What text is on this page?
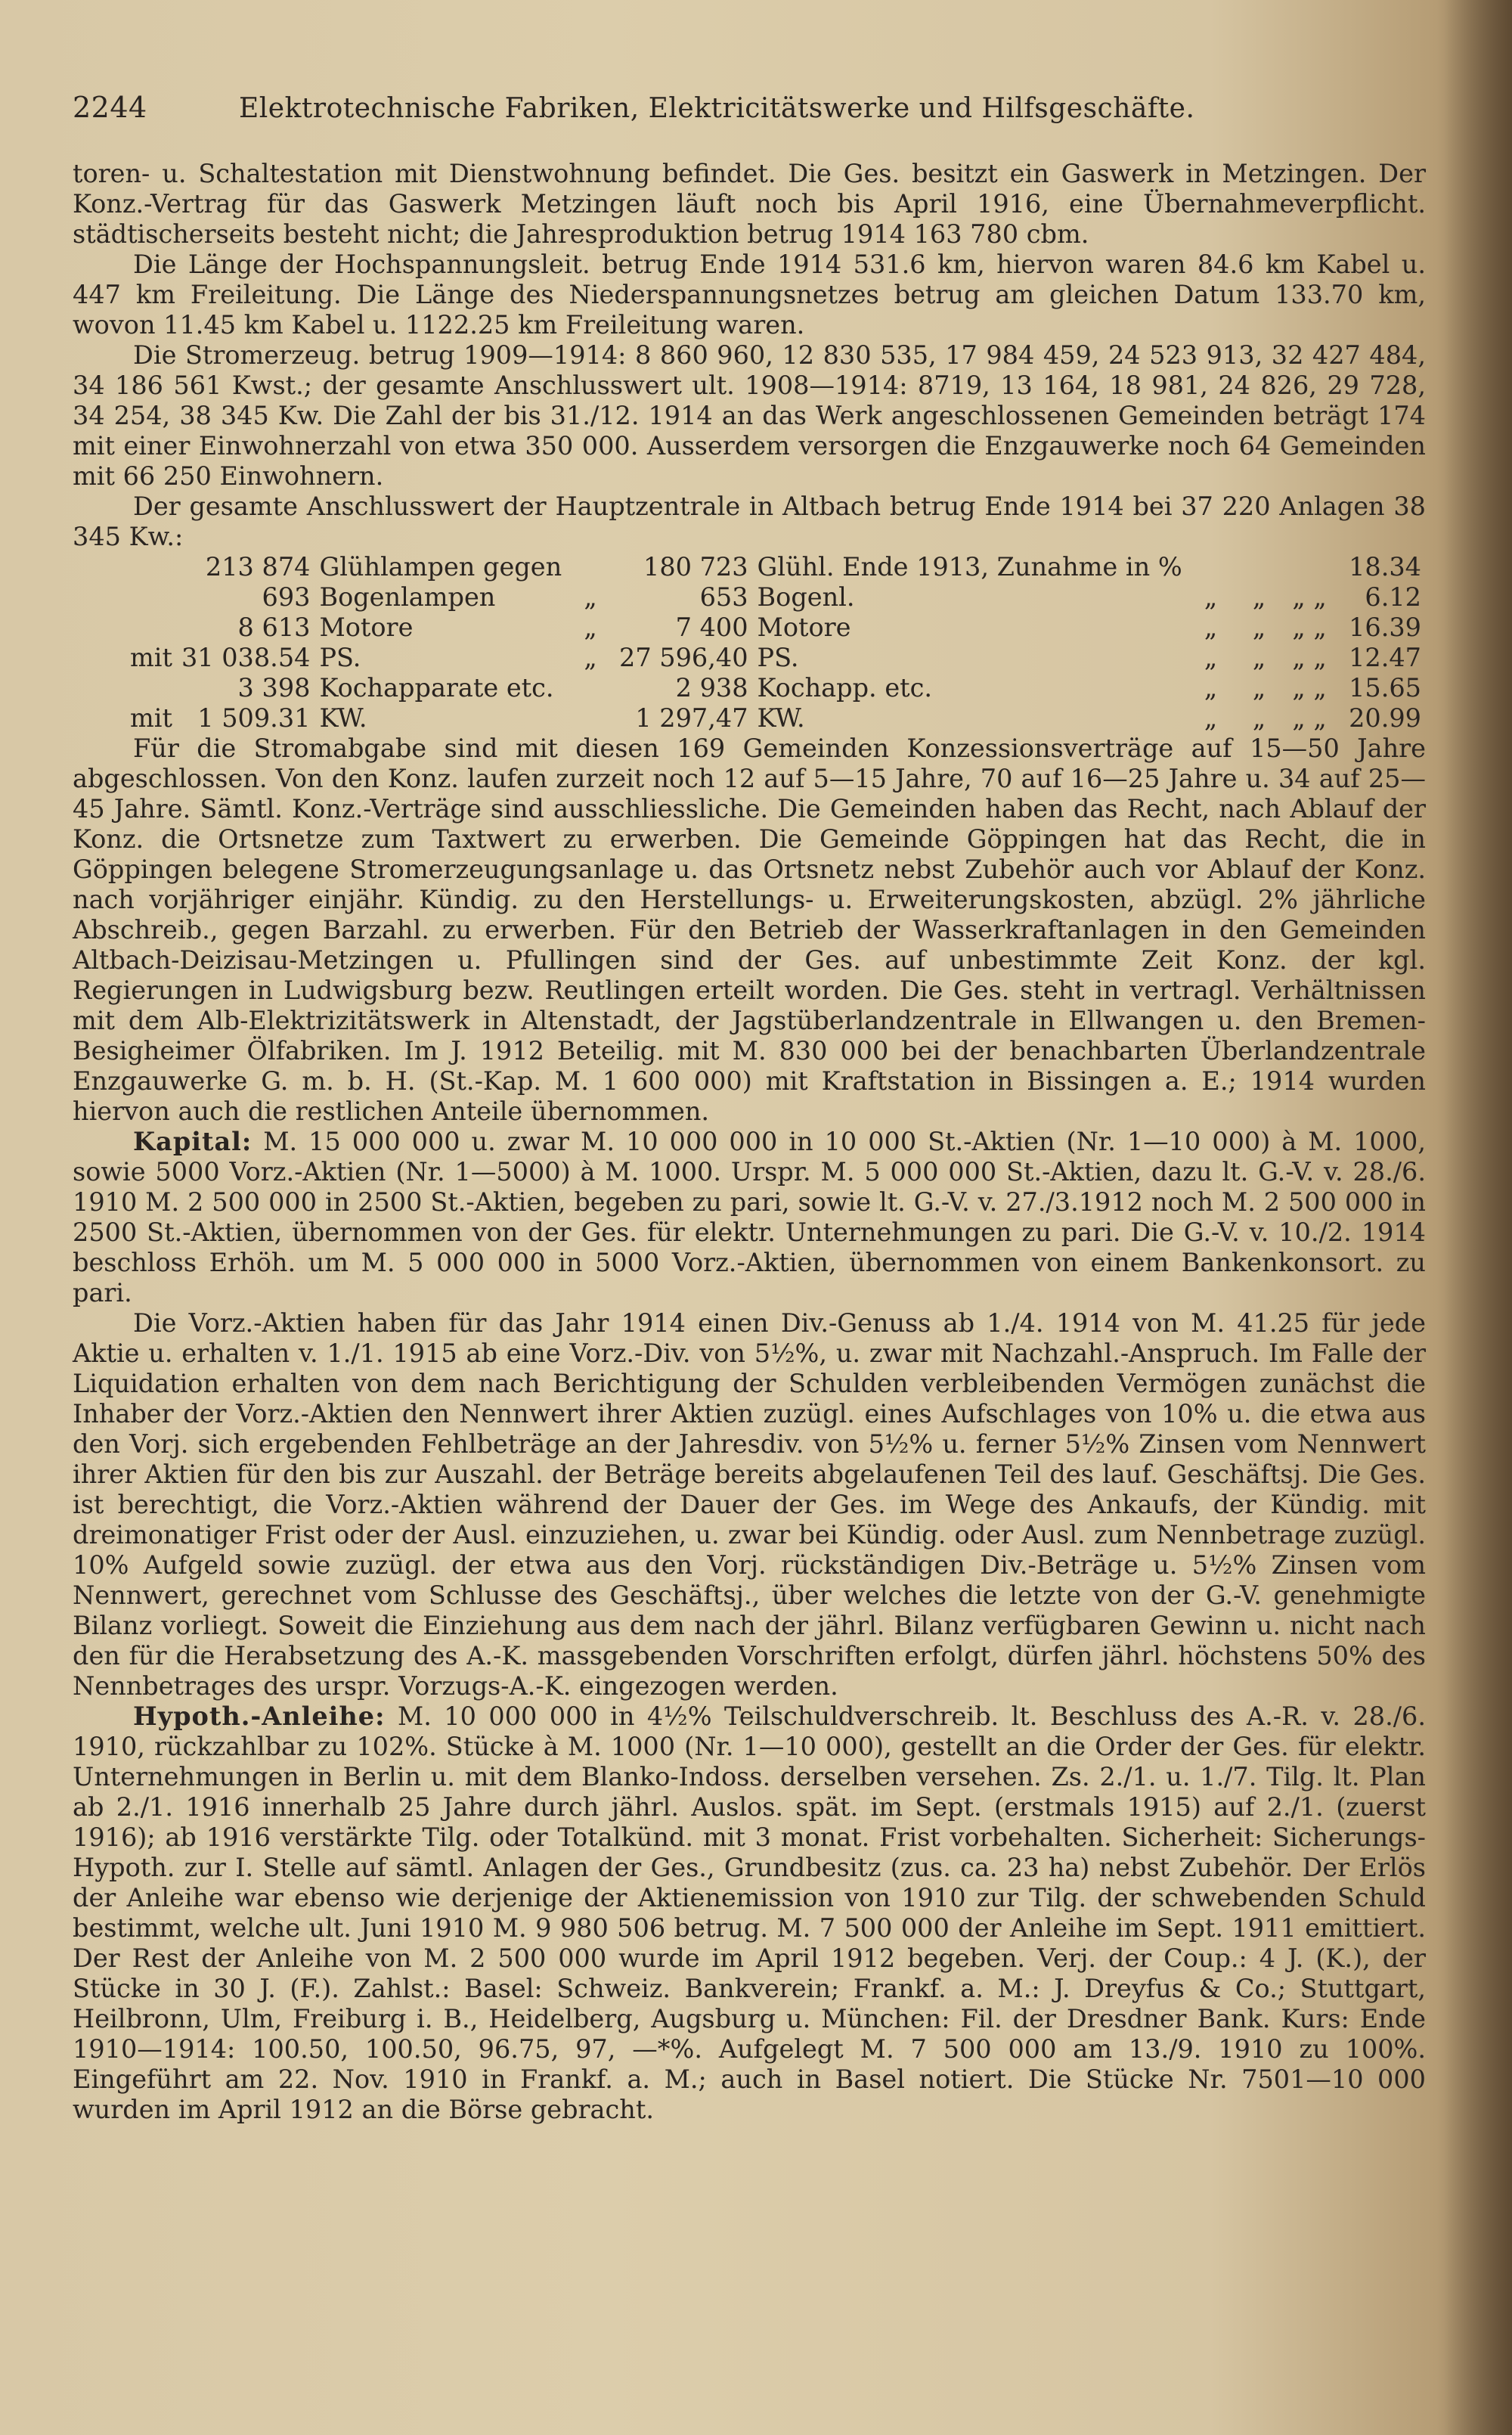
2244	Elektrotechnische Fabriken, Elektricitätswerke und Hilfsgeschäfte.

toren- u. Schaltestation mit Dienstwohnung befindet. Die Ges. besitzt ein Gaswerk in Metzingen. Der Konz.-Vertrag für das Gaswerk Metzingen läuft noch bis April 1916, eine Übernahmeverpflicht. städtischerseits besteht nicht; die Jahresproduktion betrug 1914 163 780 cbm.

Die Länge der Hochspannungsleit. betrug Ende 1914 531.6 km, hiervon waren 84.6 km Kabel u. 447 km Freileitung. Die Länge des Niederspannungsnetzes betrug am gleichen Datum 133.70 km, wovon 11.45 km Kabel u. 1122.25 km Freileitung waren.

Die Stromerzeug. betrug 1909—1914: 8 860 960, 12 830 535, 17 984 459, 24 523 913, 32 427 484, 34 186 561 Kwst.; der gesamte Anschlusswert ult. 1908—1914: 8719, 13 164, 18 981, 24 826, 29 728, 34 254, 38 345 Kw. Die Zahl der bis 31./12. 1914 an das Werk angeschlossenen Gemeinden beträgt 174 mit einer Einwohnerzahl von etwa 350 000. Ausserdem versorgen die Enzgauwerke noch 64 Gemeinden mit 66 250 Einwohnern.

Der gesamte Anschlusswert der Hauptzentrale in Altbach betrug Ende 1914 bei 37 220 Anlagen 38 345 Kw.:

	213 874	Glühlampen gegen		180 723	Glühl. Ende 1913, Zunahme in %				18.34
	693	Bogenlampen	„	653	Bogenl.	„	„	„ „	6.12
	8 613	Motore	„	7 400	Motore	„	„	„ „	16.39
mit	31 038.54	PS.	„	27 596,40	PS.	„	„	„ „	12.47
	3 398	Kochapparate etc.		2 938	Kochapp. etc.	„	„	„ „	15.65
mit	1 509.31	KW.		1 297,47	KW.	„	„	„ „	20.99

Für die Stromabgabe sind mit diesen 169 Gemeinden Konzessionsverträge auf 15—50 Jahre abgeschlossen. Von den Konz. laufen zurzeit noch 12 auf 5—15 Jahre, 70 auf 16—25 Jahre u. 34 auf 25—45 Jahre. Sämtl. Konz.-Verträge sind ausschliessliche. Die Gemeinden haben das Recht, nach Ablauf der Konz. die Ortsnetze zum Taxtwert zu erwerben. Die Gemeinde Göppingen hat das Recht, die in Göppingen belegene Stromerzeugungsanlage u. das Ortsnetz nebst Zubehör auch vor Ablauf der Konz. nach vorjähriger einjähr. Kündig. zu den Herstellungs- u. Erweiterungskosten, abzügl. 2% jährliche Abschreib., gegen Barzahl. zu erwerben. Für den Betrieb der Wasserkraftanlagen in den Gemeinden Altbach-Deizisau-Metzingen u. Pfullingen sind der Ges. auf unbestimmte Zeit Konz. der kgl. Regierungen in Ludwigsburg bezw. Reutlingen erteilt worden. Die Ges. steht in vertragl. Verhältnissen mit dem Alb-Elektrizitätswerk in Altenstadt, der Jagstüberlandzentrale in Ellwangen u. den Bremen-Besigheimer Ölfabriken. Im J. 1912 Beteilig. mit M. 830 000 bei der benachbarten Überlandzentrale Enzgauwerke G. m. b. H. (St.-Kap. M. 1 600 000) mit Kraftstation in Bissingen a. E.; 1914 wurden hiervon auch die restlichen Anteile übernommen.

Kapital: M. 15 000 000 u. zwar M. 10 000 000 in 10 000 St.-Aktien (Nr. 1—10 000) à M. 1000, sowie 5000 Vorz.-Aktien (Nr. 1—5000) à M. 1000. Urspr. M. 5 000 000 St.-Aktien, dazu lt. G.-V. v. 28./6. 1910 M. 2 500 000 in 2500 St.-Aktien, begeben zu pari, sowie lt. G.-V. v. 27./3.1912 noch M. 2 500 000 in 2500 St.-Aktien, übernommen von der Ges. für elektr. Unternehmungen zu pari. Die G.-V. v. 10./2. 1914 beschloss Erhöh. um M. 5 000 000 in 5000 Vorz.-Aktien, übernommen von einem Bankenkonsort. zu pari.

Die Vorz.-Aktien haben für das Jahr 1914 einen Div.-Genuss ab 1./4. 1914 von M. 41.25 für jede Aktie u. erhalten v. 1./1. 1915 ab eine Vorz.-Div. von 5½%, u. zwar mit Nachzahl.-Anspruch. Im Falle der Liquidation erhalten von dem nach Berichtigung der Schulden verbleibenden Vermögen zunächst die Inhaber der Vorz.-Aktien den Nennwert ihrer Aktien zuzügl. eines Aufschlages von 10% u. die etwa aus den Vorj. sich ergebenden Fehlbeträge an der Jahresdiv. von 5½% u. ferner 5½% Zinsen vom Nennwert ihrer Aktien für den bis zur Auszahl. der Beträge bereits abgelaufenen Teil des lauf. Geschäftsj. Die Ges. ist berechtigt, die Vorz.-Aktien während der Dauer der Ges. im Wege des Ankaufs, der Kündig. mit dreimonatiger Frist oder der Ausl. einzuziehen, u. zwar bei Kündig. oder Ausl. zum Nennbetrage zuzügl. 10% Aufgeld sowie zuzügl. der etwa aus den Vorj. rückständigen Div.-Beträge u. 5½% Zinsen vom Nennwert, gerechnet vom Schlusse des Geschäftsj., über welches die letzte von der G.-V. genehmigte Bilanz vorliegt. Soweit die Einziehung aus dem nach der jährl. Bilanz verfügbaren Gewinn u. nicht nach den für die Herabsetzung des A.-K. massgebenden Vorschriften erfolgt, dürfen jährl. höchstens 50% des Nennbetrages des urspr. Vorzugs-A.-K. eingezogen werden.

Hypoth.-Anleihe: M. 10 000 000 in 4½% Teilschuldverschreib. lt. Beschluss des A.-R. v. 28./6. 1910, rückzahlbar zu 102%. Stücke à M. 1000 (Nr. 1—10 000), gestellt an die Order der Ges. für elektr. Unternehmungen in Berlin u. mit dem Blanko-Indoss. derselben versehen. Zs. 2./1. u. 1./7. Tilg. lt. Plan ab 2./1. 1916 innerhalb 25 Jahre durch jährl. Auslos. spät. im Sept. (erstmals 1915) auf 2./1. (zuerst 1916); ab 1916 verstärkte Tilg. oder Totalkünd. mit 3 monat. Frist vorbehalten. Sicherheit: Sicherungs-Hypoth. zur I. Stelle auf sämtl. Anlagen der Ges., Grundbesitz (zus. ca. 23 ha) nebst Zubehör. Der Erlös der Anleihe war ebenso wie derjenige der Aktienemission von 1910 zur Tilg. der schwebenden Schuld bestimmt, welche ult. Juni 1910 M. 9 980 506 betrug. M. 7 500 000 der Anleihe im Sept. 1911 emittiert. Der Rest der Anleihe von M. 2 500 000 wurde im April 1912 begeben. Verj. der Coup.: 4 J. (K.), der Stücke in 30 J. (F.). Zahlst.: Basel: Schweiz. Bankverein; Frankf. a. M.: J. Dreyfus & Co.; Stuttgart, Heilbronn, Ulm, Freiburg i. B., Heidelberg, Augsburg u. München: Fil. der Dresdner Bank. Kurs: Ende 1910—1914: 100.50, 100.50, 96.75, 97, —*%. Aufgelegt M. 7 500 000 am 13./9. 1910 zu 100%. Eingeführt am 22. Nov. 1910 in Frankf. a. M.; auch in Basel notiert. Die Stücke Nr. 7501—10 000 wurden im April 1912 an die Börse gebracht.
